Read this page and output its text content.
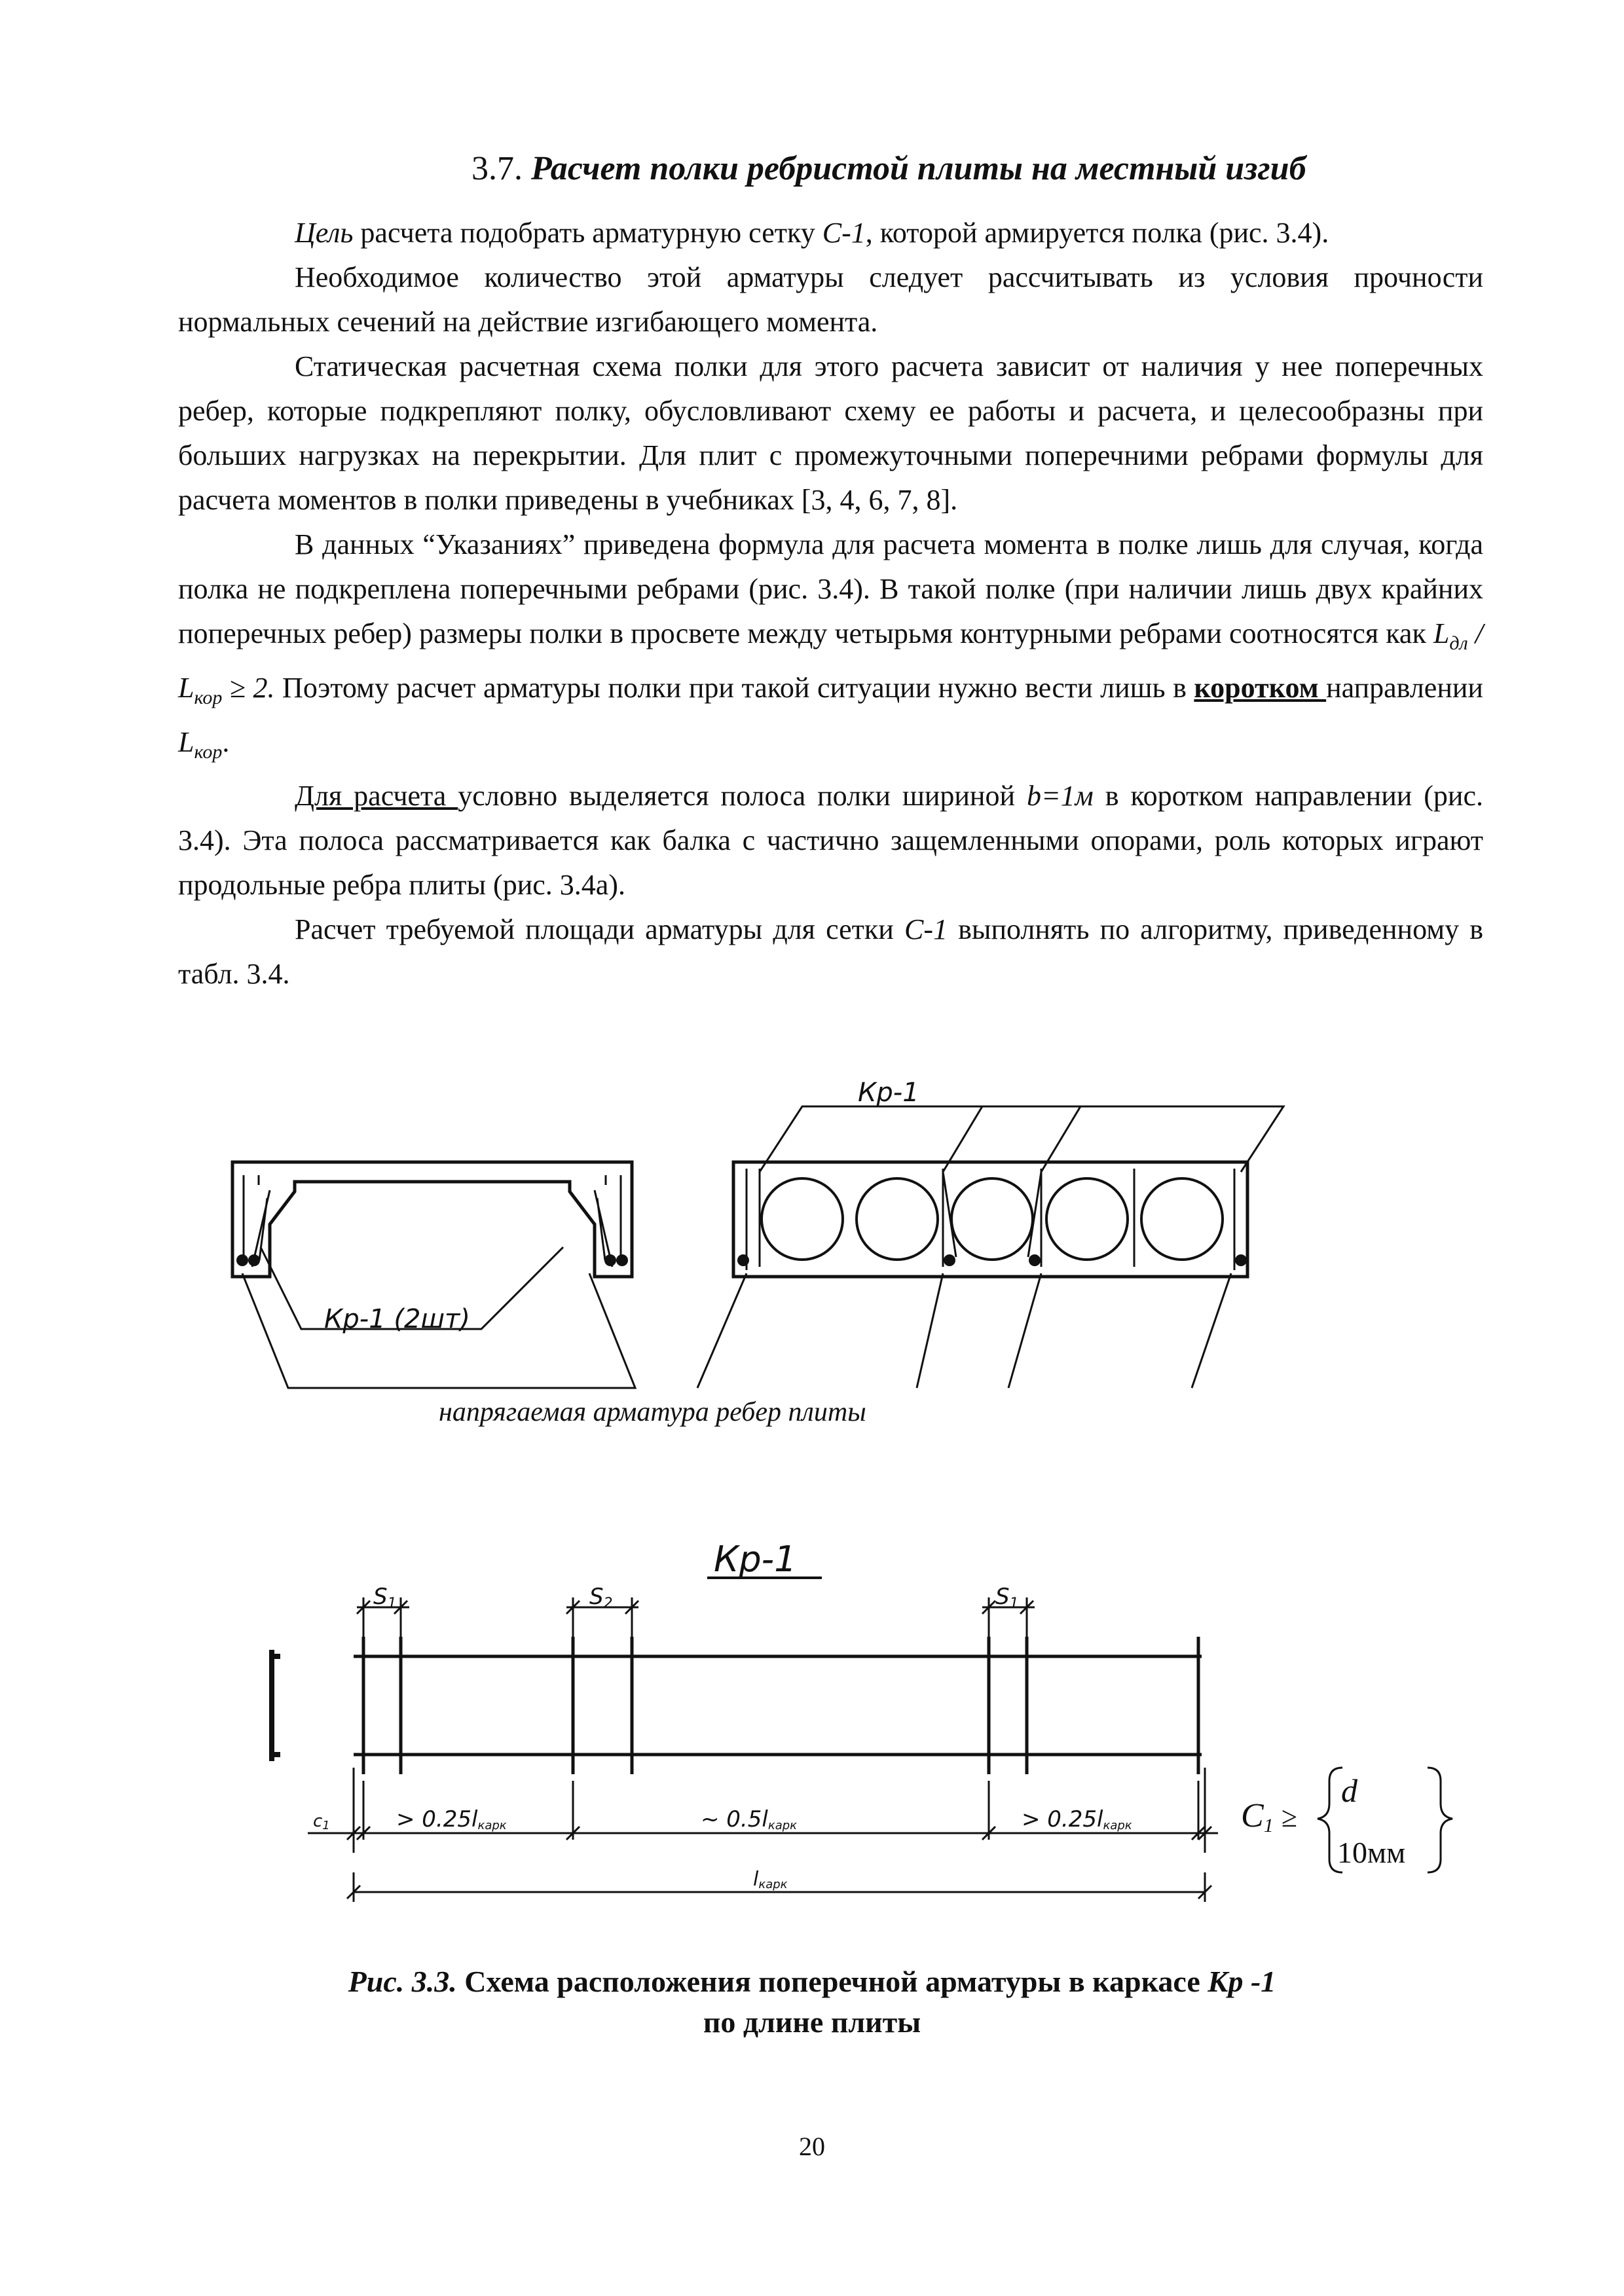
3.7. Расчет полки ребристой плиты на местный изгиб

Цель расчета подобрать арматурную сетку С-1, которой армируется полка (рис. 3.4).

Необходимое количество этой арматуры следует рассчитывать из условия прочности нормальных сечений на действие изгибающего момента.

Статическая расчетная схема полки для этого расчета зависит от наличия у нее поперечных ребер, которые подкрепляют полку, обусловливают схему ее работы и расчета, и целесообразны при больших нагрузках на перекрытии. Для плит с промежуточными поперечними ребрами формулы для расчета моментов в полки приведены в учебниках [3, 4, 6, 7, 8].

В данных “Указаниях” приведена формула для расчета момента в полке лишь для случая, когда полка не подкреплена поперечными ребрами (рис. 3.4). В такой полке (при наличии лишь двух крайних поперечных ребер) размеры полки в просвете между четырьмя контурными ребрами соотносятся как $L_{дл} / L_{кор} \ge 2$. Поэтому расчет арматуры полки при такой ситуации нужно вести лишь в коротком направлении $L_{кор}$.

Для расчета условно выделяется полоса полки шириной b=1м в коротком направлении (рис. 3.4). Эта полоса рассматривается как балка с частично защемленными опорами, роль которых играют продольные ребра плиты (рис. 3.4а).

Расчет требуемой площади арматуры для сетки С-1 выполнять по алгоритму, приведенному в табл. 3.4.

Кр-1 (2шт)
Кр-1
напрягаемая арматура ребер плиты
Кр-1
S1	S2	S1
c1	> 0.25lкарк	~ 0.5lкарк	> 0.25lкарк
lкарк
C1 ≥
d
10мм
Рис. 3.3. Схема расположения поперечной арматуры в каркасе Кр -1
по длине плиты
20
